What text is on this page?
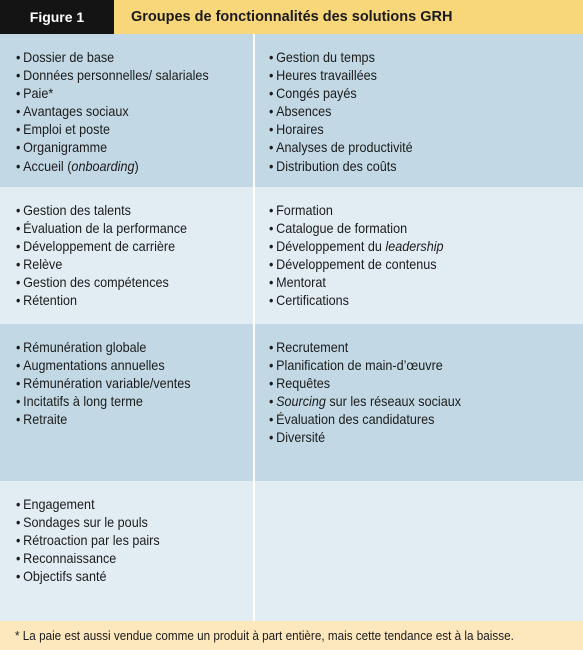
Figure 1	Groupes de fonctionnalités des solutions GRH
• Dossier de base
• Données personnelles/ salariales
• Paie*
• Avantages sociaux
• Emploi et poste
• Organigramme
• Accueil (onboarding)
• Gestion du temps
• Heures travaillées
• Congés payés
• Absences
• Horaires
• Analyses de productivité
• Distribution des coûts
• Gestion des talents
• Évaluation de la performance
• Développement de carrière
• Relève
• Gestion des compétences
• Rétention
• Formation
• Catalogue de formation
• Développement du leadership
• Développement de contenus
• Mentorat
• Certifications
• Rémunération globale
• Augmentations annuelles
• Rémunération variable/ventes
• Incitatifs à long terme
• Retraite
• Recrutement
• Planification de main-d’œuvre
• Requêtes
• Sourcing sur les réseaux sociaux
• Évaluation des candidatures
• Diversité
• Engagement
• Sondages sur le pouls
• Rétroaction par les pairs
• Reconnaissance
• Objectifs santé
* La paie est aussi vendue comme un produit à part entière, mais cette tendance est à la baisse.
